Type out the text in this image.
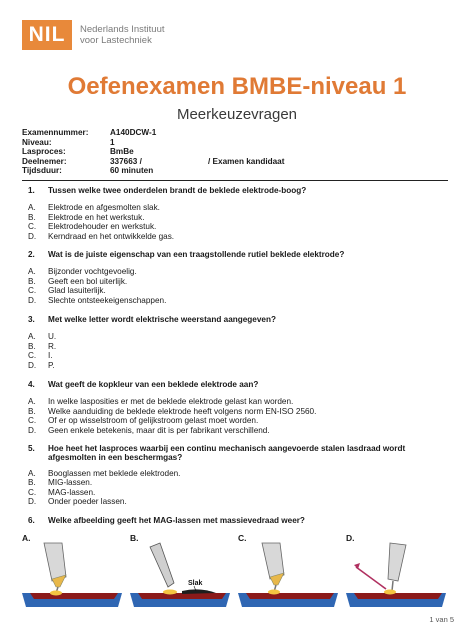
NIL	Nederlands Instituut
voor Lastechniek
Oefenexamen BMBE-niveau 1
Meerkeuzevragen
Examennummer:	A140DCW-1
Niveau:	1
Lasproces:	BmBe
Deelnemer:	337663 /	/ Examen kandidaat
Tijdsduur:	60 minuten
1.	Tussen welke twee onderdelen brandt de beklede elektrode-boog?
A.	Elektrode en afgesmolten slak.
B.	Elektrode en het werkstuk.
C.	Elektrodehouder en werkstuk.
D.	Kerndraad en het ontwikkelde gas.
2.	Wat is de juiste eigenschap van een traagstollende rutiel beklede elektrode?
A.	Bijzonder vochtgevoelig.
B.	Geeft een bol uiterlijk.
C.	Glad lasuiterlijk.
D.	Slechte ontsteekeigenschappen.
3.	Met welke letter wordt elektrische weerstand aangegeven?
A.	U.
B.	R.
C.	I.
D.	P.
4.	Wat geeft de kopkleur van een beklede elektrode aan?
A.	In welke lasposities er met de beklede elektrode gelast kan worden.
B.	Welke aanduiding de beklede elektrode heeft volgens norm EN-ISO 2560.
C.	Of er op wisselstroom of gelijkstroom gelast moet worden.
D.	Geen enkele betekenis, maar dit is per fabrikant verschillend.
5.	Hoe heet het lasproces waarbij een continu mechanisch aangevoerde stalen lasdraad wordt afgesmolten in een beschermgas?
A.	Booglassen met beklede elektroden.
B.	MIG-lassen.
C.	MAG-lassen.
D.	Onder poeder lassen.
6.	Welke afbeelding geeft het MAG-lassen met massievedraad weer?
A.	B.
Slak
C.	D.
1 van 5
